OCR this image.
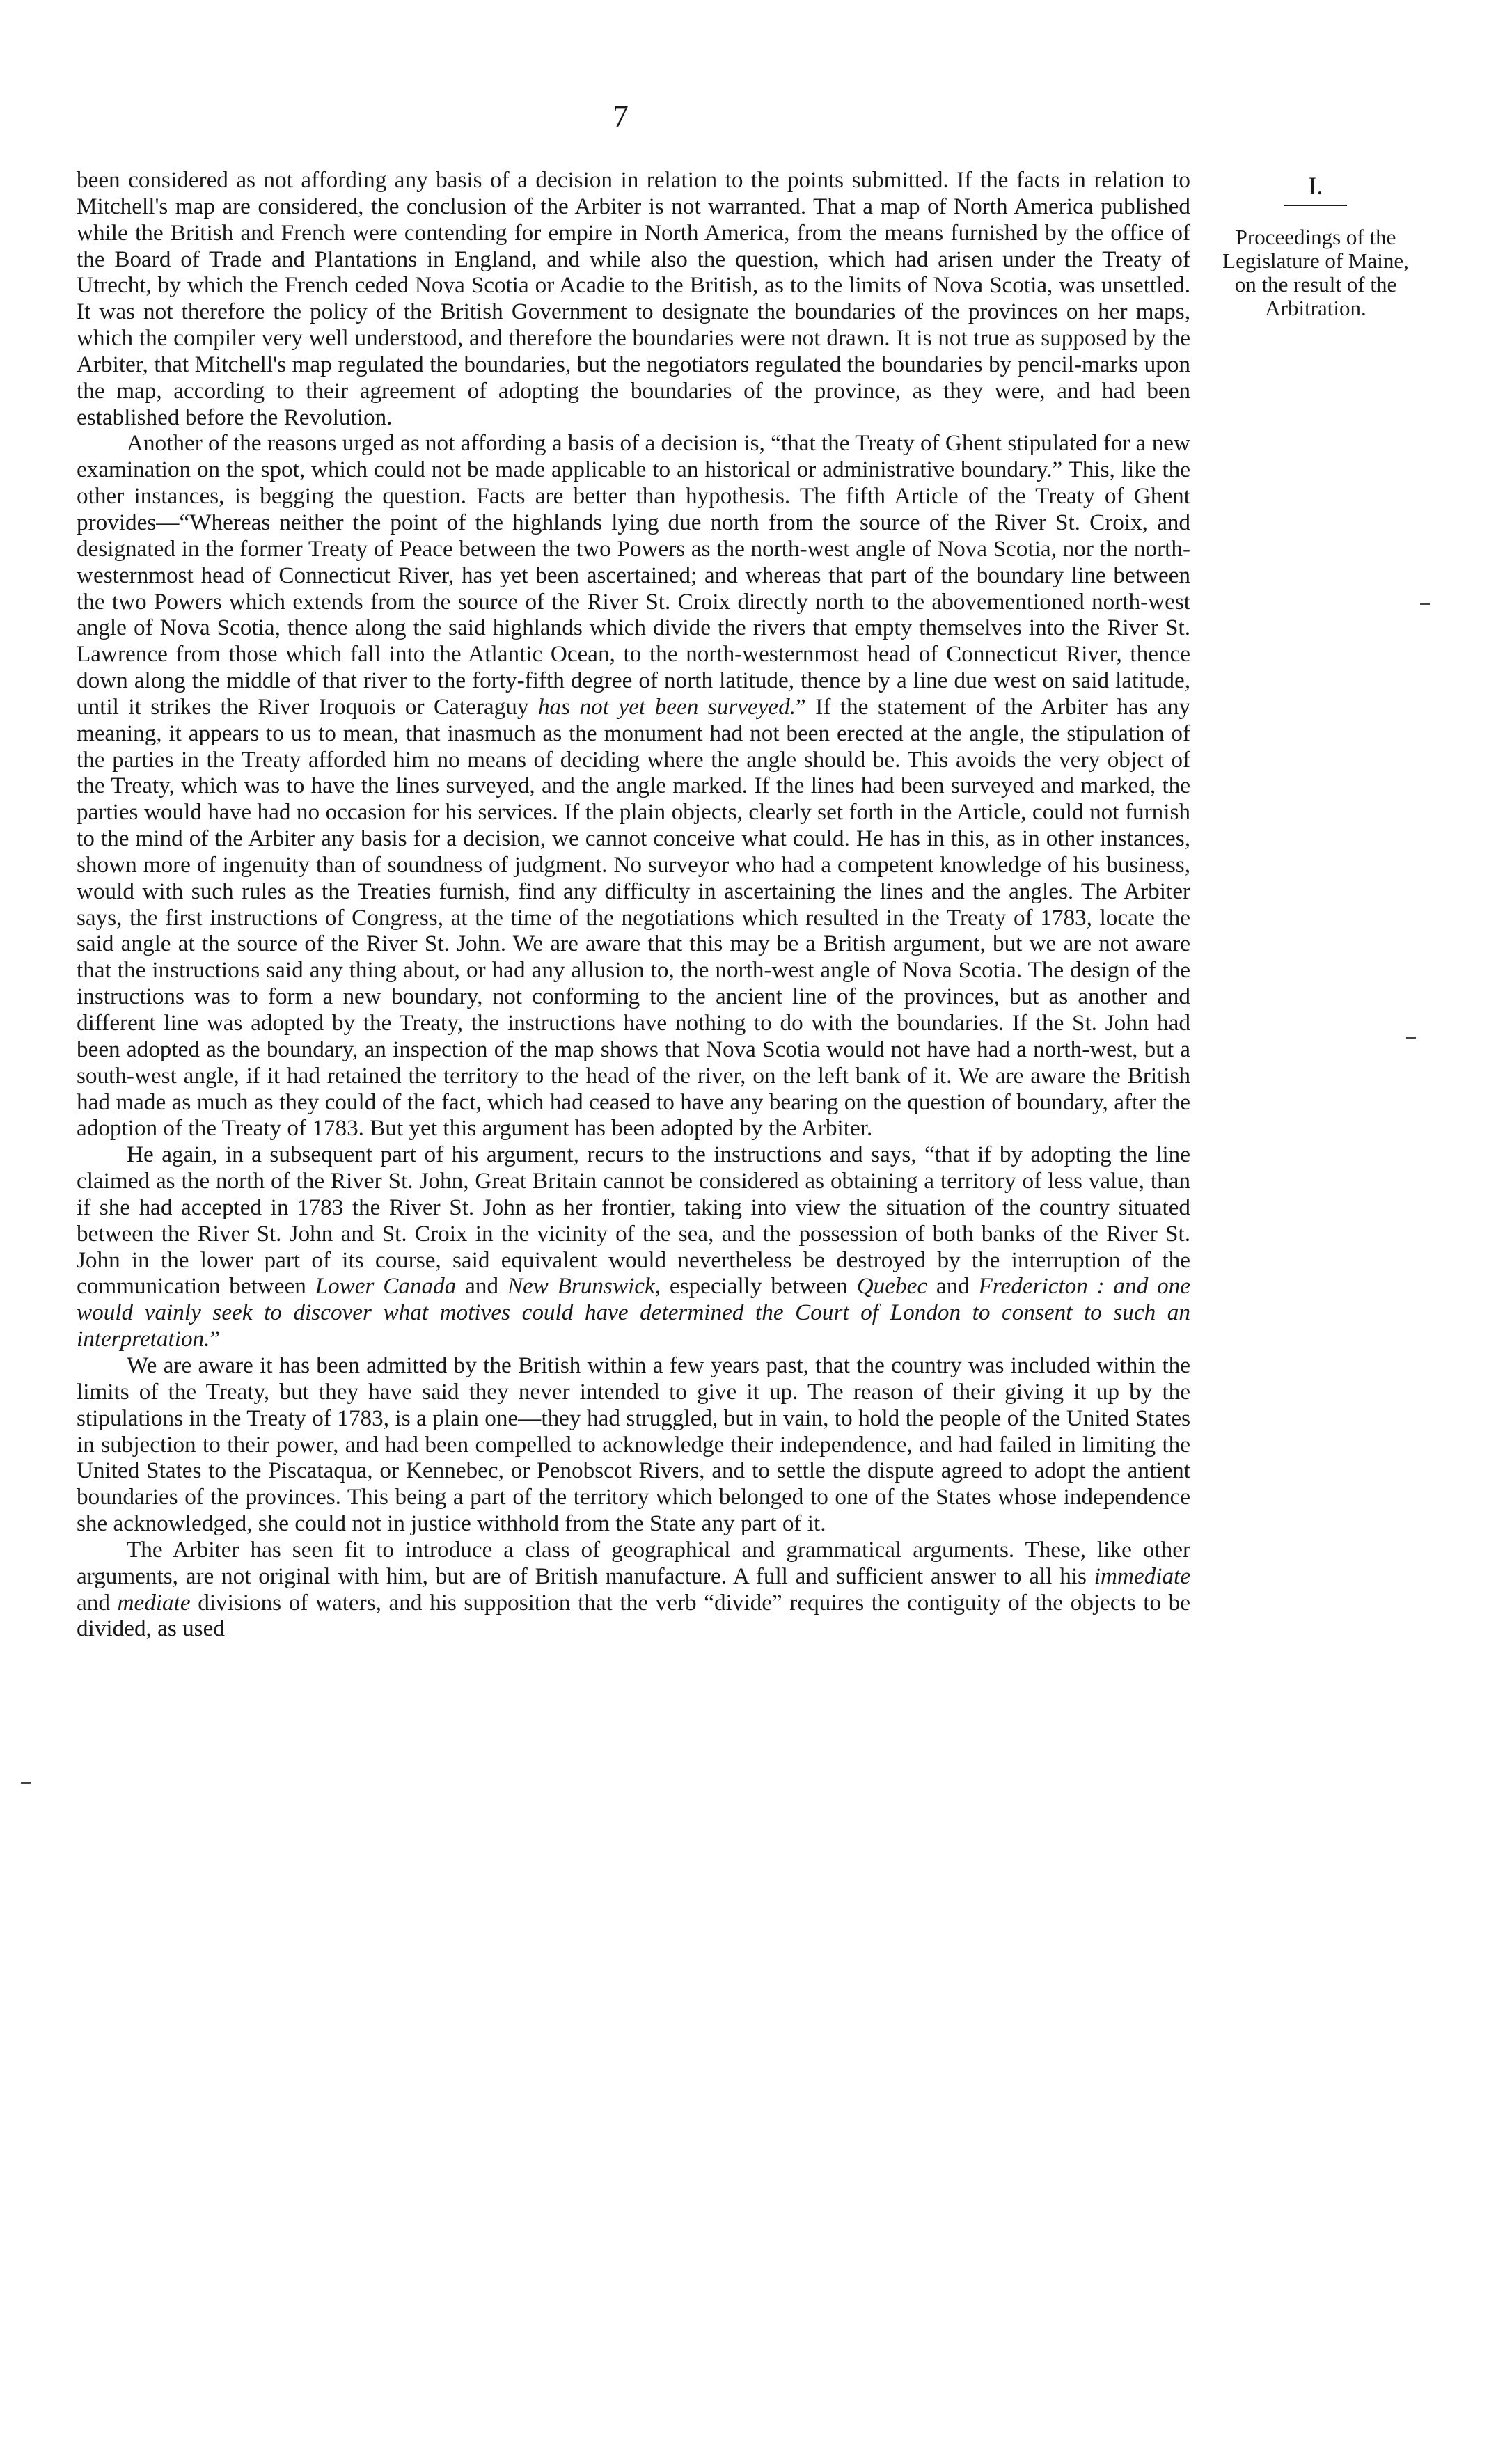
7
I.
Proceedings of the Legislature of Maine, on the result of the Arbitration.

been considered as not affording any basis of a decision in relation to the points submitted. If the facts in relation to Mitchell's map are considered, the conclusion of the Arbiter is not warranted. That a map of North America published while the British and French were contending for empire in North America, from the means furnished by the office of the Board of Trade and Plantations in England, and while also the question, which had arisen under the Treaty of Utrecht, by which the French ceded Nova Scotia or Acadie to the British, as to the limits of Nova Scotia, was unsettled. It was not therefore the policy of the British Government to designate the boundaries of the provinces on her maps, which the compiler very well understood, and therefore the boundaries were not drawn. It is not true as supposed by the Arbiter, that Mitchell's map regulated the boundaries, but the negotiators regulated the boundaries by pencil-marks upon the map, according to their agreement of adopting the boundaries of the province, as they were, and had been established before the Revolution.

Another of the reasons urged as not affording a basis of a decision is, “that the Treaty of Ghent stipulated for a new examination on the spot, which could not be made applicable to an historical or administrative boundary.” This, like the other instances, is begging the question. Facts are better than hypothesis. The fifth Article of the Treaty of Ghent provides—“Whereas neither the point of the highlands lying due north from the source of the River St. Croix, and designated in the former Treaty of Peace between the two Powers as the north-west angle of Nova Scotia, nor the north-westernmost head of Connecticut River, has yet been ascertained; and whereas that part of the boundary line between the two Powers which extends from the source of the River St. Croix directly north to the abovementioned north-west angle of Nova Scotia, thence along the said highlands which divide the rivers that empty themselves into the River St. Lawrence from those which fall into the Atlantic Ocean, to the north-westernmost head of Connecticut River, thence down along the middle of that river to the forty-fifth degree of north latitude, thence by a line due west on said latitude, until it strikes the River Iroquois or Cateraguy has not yet been surveyed.” If the statement of the Arbiter has any meaning, it appears to us to mean, that inasmuch as the monument had not been erected at the angle, the stipulation of the parties in the Treaty afforded him no means of deciding where the angle should be. This avoids the very object of the Treaty, which was to have the lines surveyed, and the angle marked. If the lines had been surveyed and marked, the parties would have had no occasion for his services. If the plain objects, clearly set forth in the Article, could not furnish to the mind of the Arbiter any basis for a decision, we cannot conceive what could. He has in this, as in other instances, shown more of ingenuity than of soundness of judgment. No surveyor who had a competent knowledge of his business, would with such rules as the Treaties furnish, find any difficulty in ascertaining the lines and the angles. The Arbiter says, the first instructions of Congress, at the time of the negotiations which resulted in the Treaty of 1783, locate the said angle at the source of the River St. John. We are aware that this may be a British argument, but we are not aware that the instructions said any thing about, or had any allusion to, the north-west angle of Nova Scotia. The design of the instructions was to form a new boundary, not conforming to the ancient line of the provinces, but as another and different line was adopted by the Treaty, the instructions have nothing to do with the boundaries. If the St. John had been adopted as the boundary, an inspection of the map shows that Nova Scotia would not have had a north-west, but a south-west angle, if it had retained the territory to the head of the river, on the left bank of it. We are aware the British had made as much as they could of the fact, which had ceased to have any bearing on the question of boundary, after the adoption of the Treaty of 1783. But yet this argument has been adopted by the Arbiter.

He again, in a subsequent part of his argument, recurs to the instructions and says, “that if by adopting the line claimed as the north of the River St. John, Great Britain cannot be considered as obtaining a territory of less value, than if she had accepted in 1783 the River St. John as her frontier, taking into view the situation of the country situated between the River St. John and St. Croix in the vicinity of the sea, and the possession of both banks of the River St. John in the lower part of its course, said equivalent would nevertheless be destroyed by the interruption of the communication between Lower Canada and New Brunswick, especially between Quebec and Fredericton : and one would vainly seek to discover what motives could have determined the Court of London to consent to such an interpretation.”

We are aware it has been admitted by the British within a few years past, that the country was included within the limits of the Treaty, but they have said they never intended to give it up. The reason of their giving it up by the stipulations in the Treaty of 1783, is a plain one—they had struggled, but in vain, to hold the people of the United States in subjection to their power, and had been compelled to acknowledge their independence, and had failed in limiting the United States to the Piscataqua, or Kennebec, or Penobscot Rivers, and to settle the dispute agreed to adopt the antient boundaries of the provinces. This being a part of the territory which belonged to one of the States whose independence she acknowledged, she could not in justice withhold from the State any part of it.

The Arbiter has seen fit to introduce a class of geographical and grammatical arguments. These, like other arguments, are not original with him, but are of British manufacture. A full and sufficient answer to all his immediate and mediate divisions of waters, and his supposition that the verb “divide” requires the contiguity of the objects to be divided, as used
